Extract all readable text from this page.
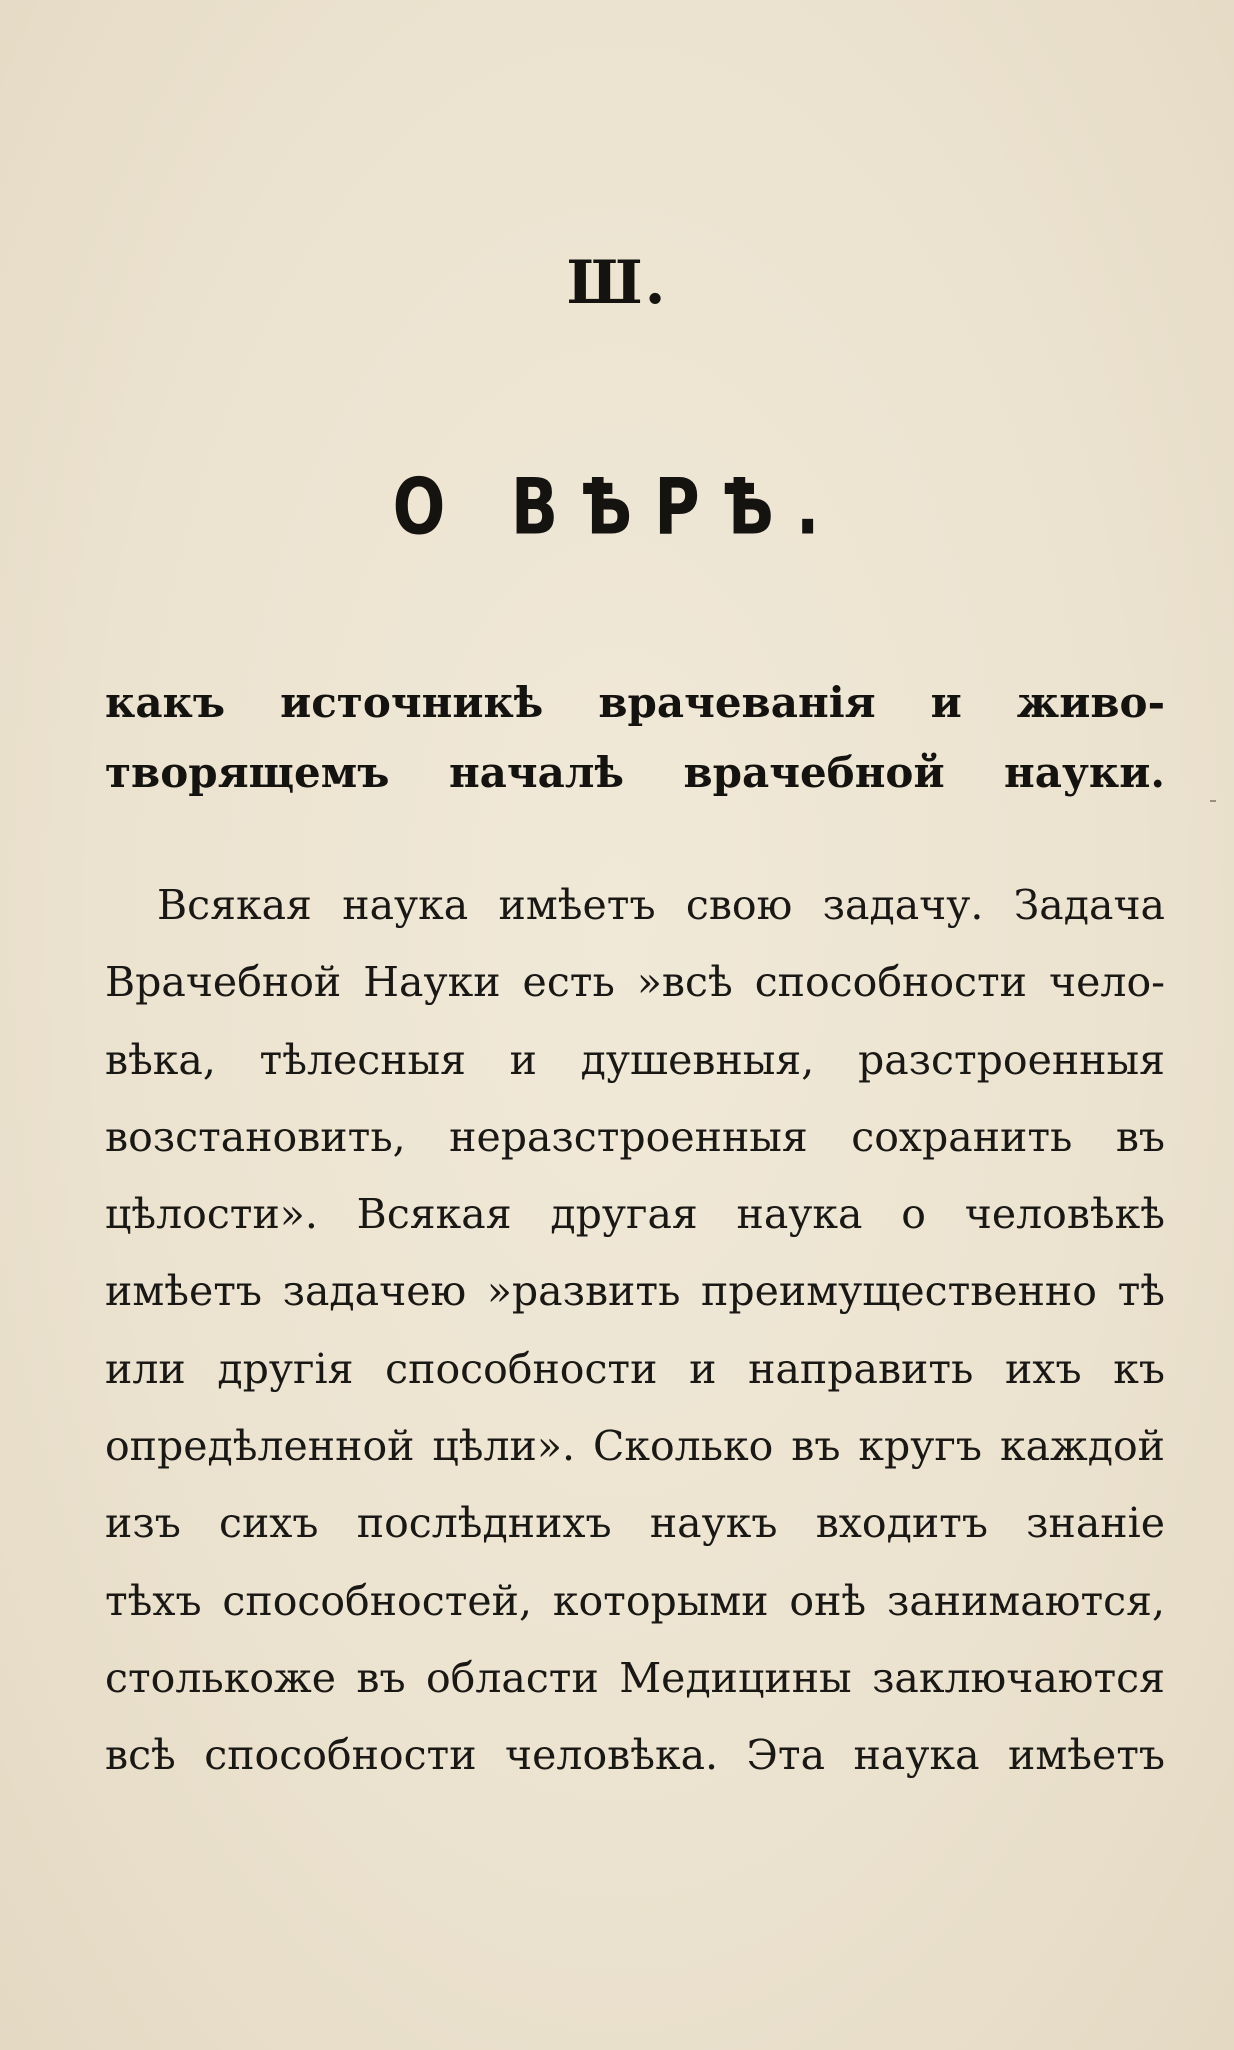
Ш.
О ВѢРѢ.
какъ источникѣ врачеванія и живо-
творящемъ началѣ врачебной науки.
Всякая наука имѣетъ свою задачу. Задача
Врачебной Науки есть »всѣ способности чело-
вѣка, тѣлесныя и душевныя, разстроенныя
возстановить, неразстроенныя сохранить въ
цѣлости». Всякая другая наука о человѣкѣ
имѣетъ задачею »развить преимущественно тѣ
или другія способности и направить ихъ къ
опредѣленной цѣли». Сколько въ кругъ каждой
изъ сихъ послѣднихъ наукъ входитъ знаніе
тѣхъ способностей, которыми онѣ занимаются,
столькоже въ области Медицины заключаются
всѣ способности человѣка. Эта наука имѣетъ
